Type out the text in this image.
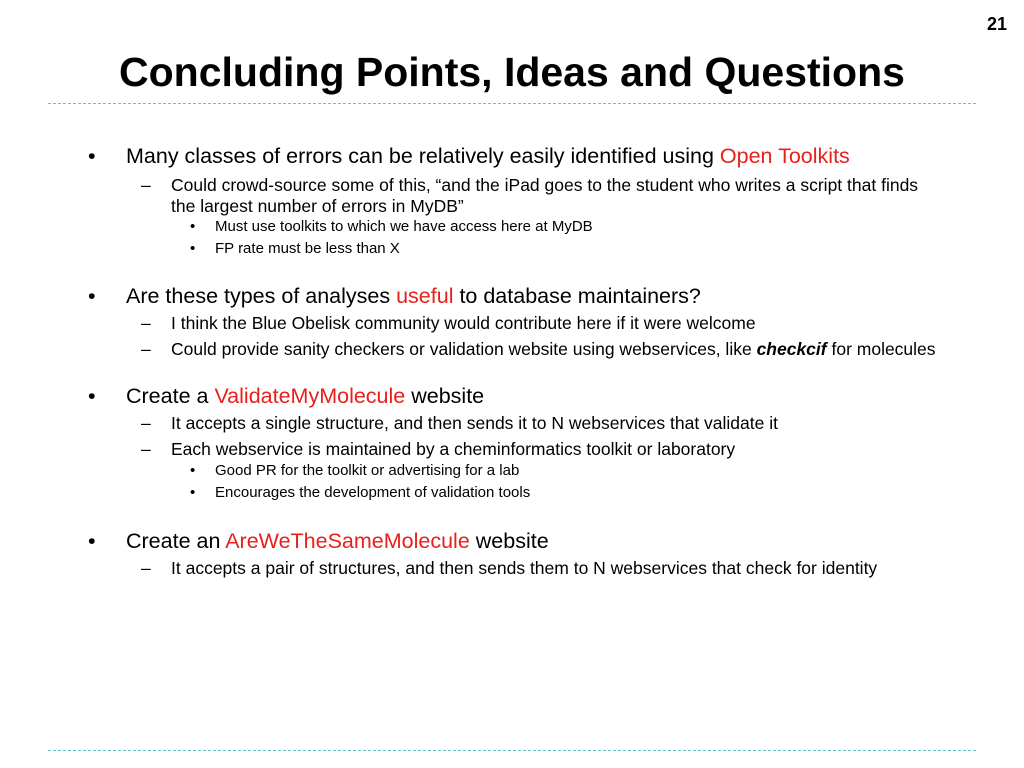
21
Concluding Points, Ideas and Questions
• Many classes of errors can be relatively easily identified using Open Toolkits
– Could crowd-source some of this, “and the iPad goes to the student who writes a script that finds the largest number of errors in MyDB”
• Must use toolkits to which we have access here at MyDB
• FP rate must be less than X
• Are these types of analyses useful to database maintainers?
– I think the Blue Obelisk community would contribute here if it were welcome
– Could provide sanity checkers or validation website using webservices, like checkcif for molecules
• Create a ValidateMyMolecule website
– It accepts a single structure, and then sends it to N webservices that validate it
– Each webservice is maintained by a cheminformatics toolkit or laboratory
• Good PR for the toolkit or advertising for a lab
• Encourages the development of validation tools
• Create an AreWeTheSameMolecule website
– It accepts a pair of structures, and then sends them to N webservices that check for identity
